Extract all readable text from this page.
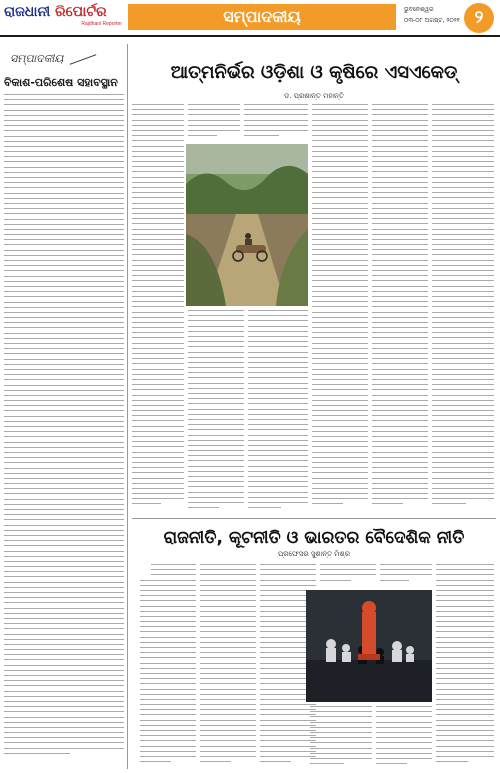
ରାଜଧାନୀ ରିପୋର୍ଟର
Rajdhani Reporter	ସମ୍ପାଦକୀୟ	ଭୁବନେଶ୍ୱର
୦୩-୦୮ ଅଗଷ୍ଟ, ୨୦୨୧ ୨
ସମ୍ପାଦକୀୟ
ବିକାଶ-ପରିଶେଷ ସହାବସ୍ଥାନ	ଆତ୍ମନିର୍ଭର ଓଡ଼ିଶା ଓ କୃଷିରେ ଏସଏକେଡ୍
ଡ. ପ୍ରଶାନ୍ତ ମହାନ୍ତି
ରାଜନୀତି, କୂଟନୀତି ଓ ଭାରତର ବୈଦେଶିକ ନୀତି
ପ୍ରଫେସର ସୁଶାନ୍ତ ମିଶ୍ର
